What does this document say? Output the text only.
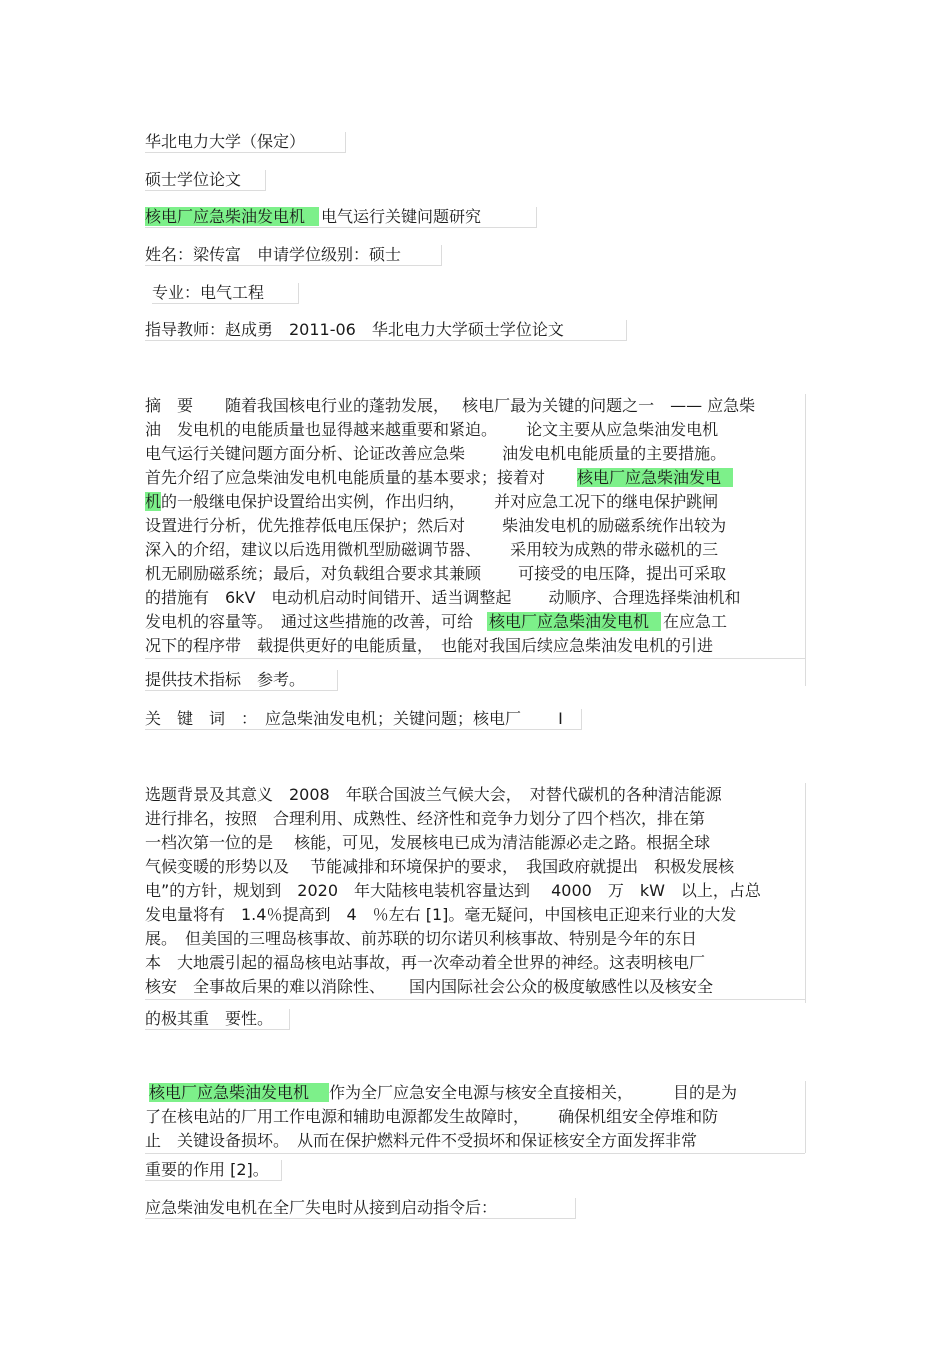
华北电力大学（保定）
硕士学位论文
核电厂应急柴油发电机 电气运行关键问题研究
姓名：梁传富　申请学位级别：硕士
专业：电气工程
指导教师：赵成勇　2011-06　华北电力大学硕士学位论文
摘　要　　随着我国核电行业的蓬勃发展，　 核电厂最为关键的问题之一　—— 应急柴
油　发电机的电能质量也显得越来越重要和紧迫。　　 论文主要从应急柴油发电机
电气运行关键问题方面分析、论证改善应急柴　　 油发电机电能质量的主要措施。
首先介绍了应急柴油发电机电能质量的基本要求；接着对　　核电厂应急柴油发电
机的一般继电保护设置给出实例，作出归纳，　　 并对应急工况下的继电保护跳闸
设置进行分析，优先推荐低电压保护；然后对　　 柴油发电机的励磁系统作出较为
深入的介绍，建议以后选用微机型励磁调节器、　　 采用较为成熟的带永磁机的三
机无刷励磁系统；最后，对负载组合要求其兼顾　　 可接受的电压降，提出可采取
的措施有　6kV　电动机启动时间错开、适当调整起　　 动顺序、合理选择柴油机和
发电机的容量等。　通过这些措施的改善，可给 核电厂应急柴油发电机 在应急工
况下的程序带　载提供更好的电能质量，　也能对我国后续应急柴油发电机的引进
提供技术指标　参考。
关　键　词　：　应急柴油发电机；关键问题；核电厂　　 I
选题背景及其意义　2008　年联合国波兰气候大会，　对替代碳机的各种清洁能源
进行排名，按照　合理利用、成熟性、经济性和竞争力划分了四个档次，排在第
一档次第一位的是　 核能，可见，发展核电已成为清洁能源必走之路。根据全球
气候变暖的形势以及　 节能减排和环境保护的要求，　我国政府就提出　积极发展核
电”的方针，规划到　2020　年大陆核电装机容量达到　 4000　万　kW　以上，占总
发电量将有　1.4％提高到　4　％左右 [1]。毫无疑问，中国核电正迎来行业的大发
展。　但美国的三哩岛核事故、前苏联的切尔诺贝利核事故、特别是今年的东日
本　大地震引起的福岛核电站事故，再一次牵动着全世界的神经。这表明核电厂
核安　全事故后果的难以消除性、　　国内国际社会公众的极度敏感性以及核安全
的极其重　要性。
核电厂应急柴油发电机 作为全厂应急安全电源与核安全直接相关，　　　目的是为
了在核电站的厂用工作电源和辅助电源都发生故障时，　　 确保机组安全停堆和防
止　关键设备损坏。　从而在保护燃料元件不受损坏和保证核安全方面发挥非常
重要的作用 [2]。
应急柴油发电机在全厂失电时从接到启动指令后：
